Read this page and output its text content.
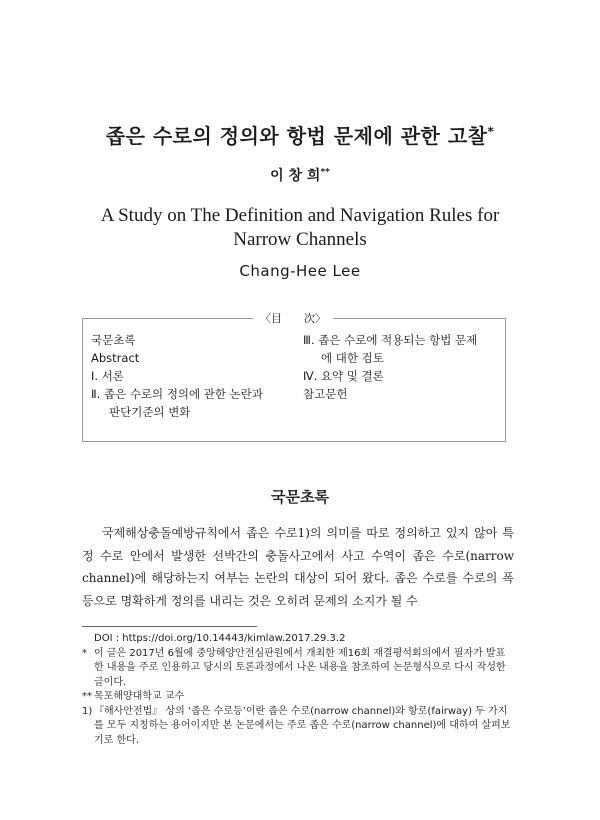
좁은 수로의 정의와 항법 문제에 관한 고찰*
이 창 희**
A Study on The Definition and Navigation Rules for
Narrow Channels
Chang-Hee Lee
〈目　　次〉
국문초록
Abstract
Ⅰ. 서론
Ⅱ. 좁은 수로의 정의에 관한 논란과
판단기준의 변화
Ⅲ. 좁은 수로에 적용되는 항법 문제
에 대한 검토
Ⅳ. 요약 및 결론
참고문헌
국문초록
국제해상충돌예방규칙에서 좁은 수로1)의 의미를 따로 정의하고 있지 않아 특정 수로 안에서 발생한 선박간의 충돌사고에서 사고 수역이 좁은 수로(narrow channel)에 해당하는지 여부는 논란의 대상이 되어 왔다. 좁은 수로를 수로의 폭 등으로 명확하게 정의를 내리는 것은 오히려 문제의 소지가 될 수
DOI : https://doi.org/10.14443/kimlaw.2017.29.3.2
* 이 글은 2017년 6월에 중앙해양안전심판원에서 개최한 제16회 재결평석회의에서 필자가 발표한 내용을 주로 인용하고 당시의 토론과정에서 나온 내용을 참조하여 논문형식으로 다시 작성한 글이다.
** 목포해양대학교 교수
1) 『해사안전법』 상의 ‘좁은 수로등’이란 좁은 수로(narrow channel)와 항로(fairway) 두 가지를 모두 지칭하는 용어이지만 본 논문에서는 주로 좁은 수로(narrow channel)에 대하여 살펴보기로 한다.
